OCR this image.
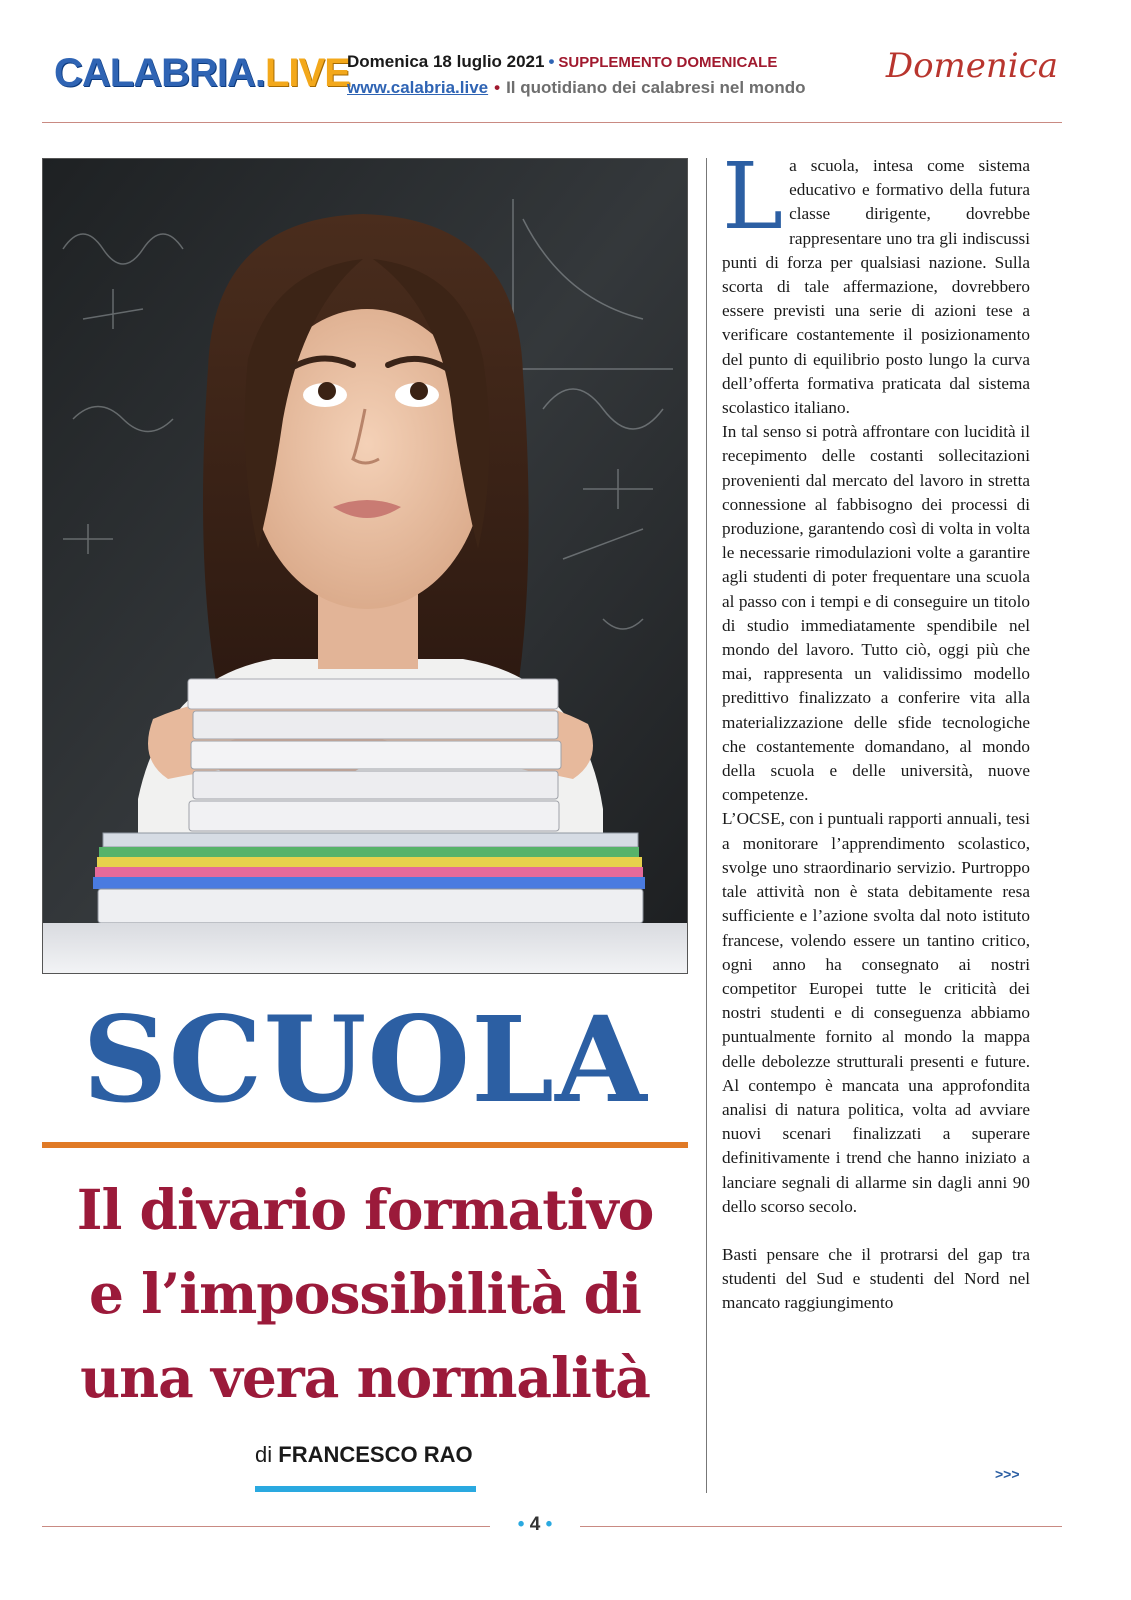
CALABRIA.LIVE
Domenica 18 luglio 2021 • SUPPLEMENTO DOMENICALE
www.calabria.live • Il quotidiano dei calabresi nel mondo
Domenica
SCUOLA
Il divario formativo
e l’impossibilità di
una vera normalità
di FRANCESCO RAO

La scuola, intesa come sistema educativo e formativo della futura classe dirigente, dovrebbe rappresentare uno tra gli indiscussi punti di forza per qualsiasi nazione. Sulla scorta di tale affermazione, dovrebbero essere previsti una serie di azioni tese a verificare costantemente il posizionamento del punto di equilibrio posto lungo la curva dell’offerta formativa praticata dal sistema scolastico italiano.

In tal senso si potrà affrontare con lucidità il recepimento delle costanti sollecitazioni provenienti dal mercato del lavoro in stretta connessione al fabbisogno dei processi di produzione, garantendo così di volta in volta le necessarie rimodulazioni volte a garantire agli studenti di poter frequentare una scuola al passo con i tempi e di conseguire un titolo di studio immediatamente spendibile nel mondo del lavoro. Tutto ciò, oggi più che mai, rappresenta un validissimo modello predittivo finalizzato a conferire vita alla materializzazione delle sfide tecnologiche che costantemente domandano, al mondo della scuola e delle università, nuove competenze.

L’OCSE, con i puntuali rapporti annuali, tesi a monitorare l’apprendimento scolastico, svolge uno straordinario servizio. Purtroppo tale attività non è stata debitamente resa sufficiente e l’azione svolta dal noto istituto francese, volendo essere un tantino critico, ogni anno ha consegnato ai nostri competitor Europei tutte le criticità dei nostri studenti e di conseguenza abbiamo puntualmente fornito al mondo la mappa delle debolezze strutturali presenti e future. Al contempo è mancata una approfondita analisi di natura politica, volta ad avviare nuovi scenari finalizzati a superare definitivamente i trend che hanno iniziato a lanciare segnali di allarme sin dagli anni 90 dello scorso secolo.

Basti pensare che il protrarsi del gap tra studenti del Sud e studenti del Nord nel mancato raggiungimento

>>>
• 4 •
